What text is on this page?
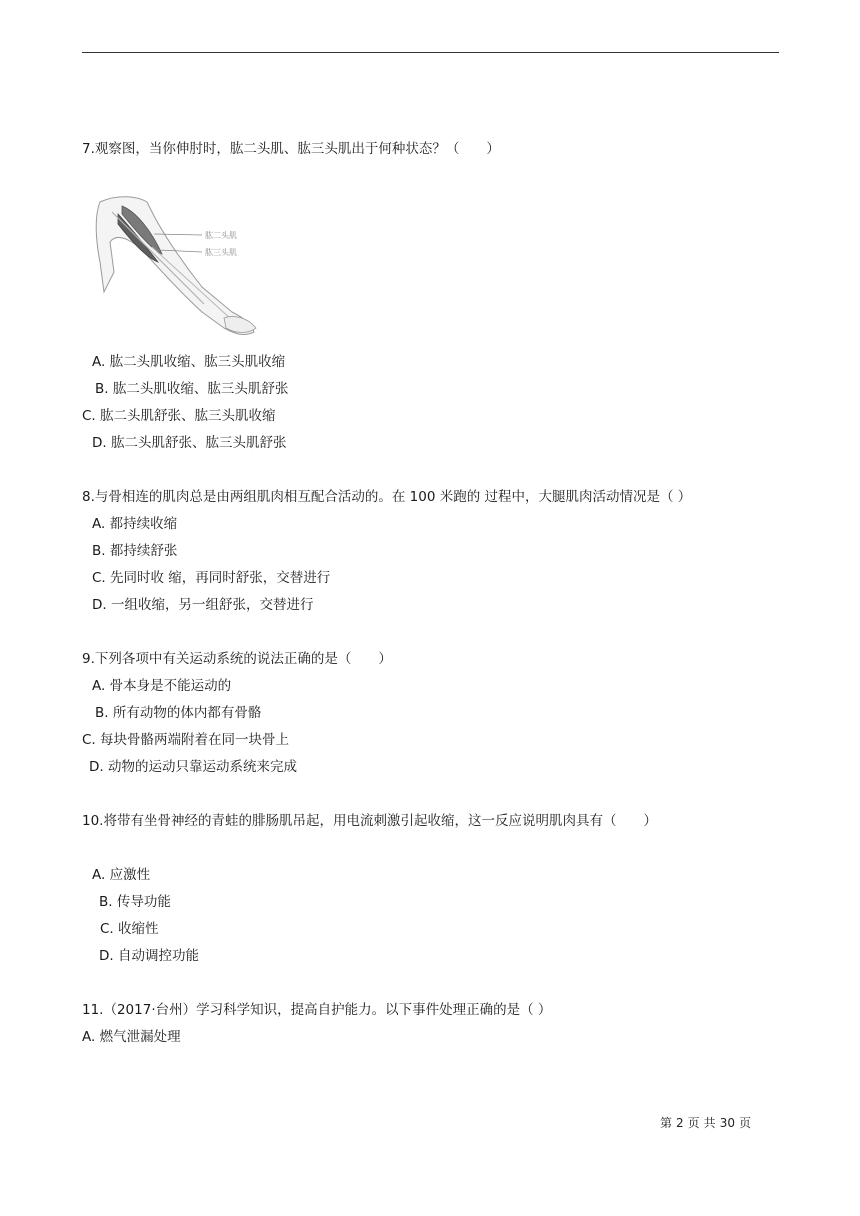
7.观察图，当你伸肘时，肱二头肌、肱三头肌出于何种状态？（　　）
肱二头肌
肱三头肌
A. 肱二头肌收缩、肱三头肌收缩
B. 肱二头肌收缩、肱三头肌舒张
C. 肱二头肌舒张、肱三头肌收缩
D. 肱二头肌舒张、肱三头肌舒张
8.与骨相连的肌肉总是由两组肌肉相互配合活动的。在 100 米跑的 过程中，大腿肌肉活动情况是（ ）
A. 都持续收缩
B. 都持续舒张
C. 先同时收 缩，再同时舒张，交替进行
D. 一组收缩，另一组舒张，交替进行
9.下列各项中有关运动系统的说法正确的是（　　）
A. 骨本身是不能运动的
B. 所有动物的体内都有骨骼
C. 每块骨骼两端附着在同一块骨上
D. 动物的运动只靠运动系统来完成
10.将带有坐骨神经的青蛙的腓肠肌吊起，用电流刺激引起收缩，这一反应说明肌肉具有（　　）
A. 应激性
B. 传导功能
C. 收缩性
D. 自动调控功能
11.（2017·台州）学习科学知识，提高自护能力。以下事件处理正确的是（ ）
A. 燃气泄漏处理
第 2 页 共 30 页
